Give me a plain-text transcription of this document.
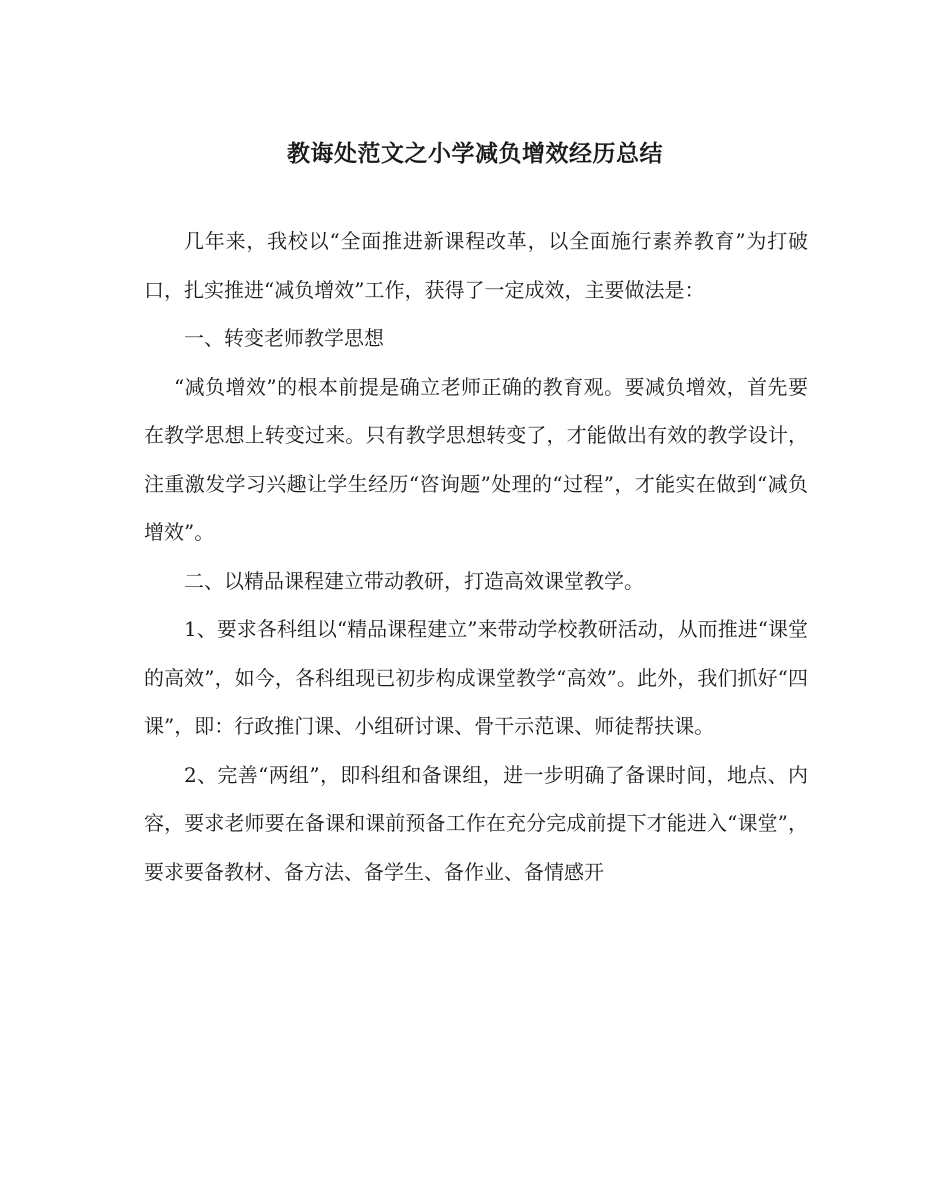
教诲处范文之小学减负增效经历总结

几年来，我校以“全面推进新课程改革，以全面施行素养教育”为打破口，扎实推进“减负增效”工作，获得了一定成效，主要做法是：

一、转变老师教学思想

“减负增效”的根本前提是确立老师正确的教育观。要减负增效，首先要在教学思想上转变过来。只有教学思想转变了，才能做出有效的教学设计，注重激发学习兴趣让学生经历“咨询题”处理的“过程”，才能实在做到“减负增效”。

二、以精品课程建立带动教研，打造高效课堂教学。

1、要求各科组以“精品课程建立”来带动学校教研活动，从而推进“课堂的高效”，如今，各科组现已初步构成课堂教学“高效”。此外，我们抓好“四课”，即：行政推门课、小组研讨课、骨干示范课、师徒帮扶课。

2、完善“两组”，即科组和备课组，进一步明确了备课时间，地点、内容，要求老师要在备课和课前预备工作在充分完成前提下才能进入“课堂”，要求要备教材、备方法、备学生、备作业、备情感开
